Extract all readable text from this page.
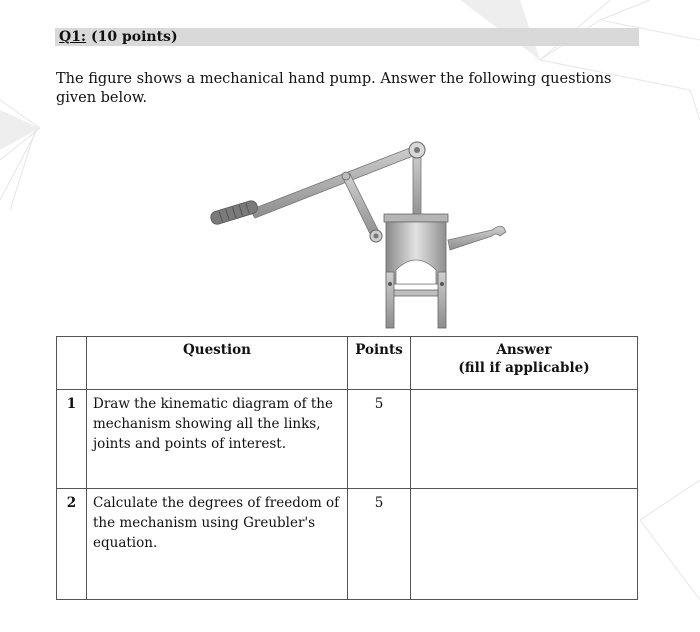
Q1: (10 points)
The figure shows a mechanical hand pump. Answer the following questions given below.
	Question	Points	Answer
(fill if applicable)

1	Draw the kinematic diagram of the mechanism showing all the links, joints and points of interest.	5	
2	Calculate the degrees of freedom of the mechanism using Greubler's equation.	5	
